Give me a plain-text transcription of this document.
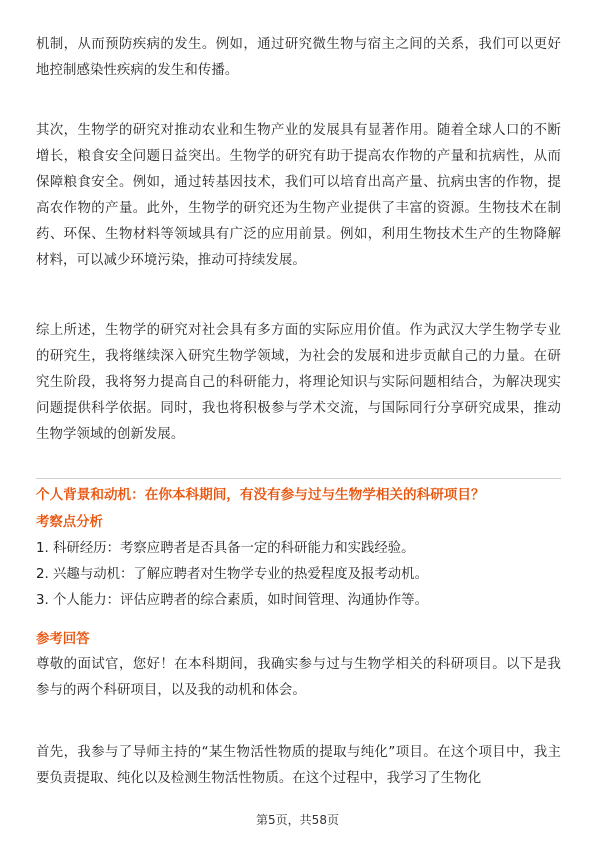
机制，从而预防疾病的发生。例如，通过研究微生物与宿主之间的关系，我们可以更好地控制感染性疾病的发生和传播。

其次，生物学的研究对推动农业和生物产业的发展具有显著作用。随着全球人口的不断增长，粮食安全问题日益突出。生物学的研究有助于提高农作物的产量和抗病性，从而保障粮食安全。例如，通过转基因技术，我们可以培育出高产量、抗病虫害的作物，提高农作物的产量。此外，生物学的研究还为生物产业提供了丰富的资源。生物技术在制药、环保、生物材料等领域具有广泛的应用前景。例如，利用生物技术生产的生物降解材料，可以减少环境污染，推动可持续发展。

综上所述，生物学的研究对社会具有多方面的实际应用价值。作为武汉大学生物学专业的研究生，我将继续深入研究生物学领域，为社会的发展和进步贡献自己的力量。在研究生阶段，我将努力提高自己的科研能力，将理论知识与实际问题相结合，为解决现实问题提供科学依据。同时，我也将积极参与学术交流，与国际同行分享研究成果，推动生物学领域的创新发展。

个人背景和动机：在你本科期间，有没有参与过与生物学相关的科研项目？
考察点分析
1. 科研经历：考察应聘者是否具备一定的科研能力和实践经验。
2. 兴趣与动机：了解应聘者对生物学专业的热爱程度及报考动机。
3. 个人能力：评估应聘者的综合素质，如时间管理、沟通协作等。
参考回答

尊敬的面试官，您好！在本科期间，我确实参与过与生物学相关的科研项目。以下是我参与的两个科研项目，以及我的动机和体会。

首先，我参与了导师主持的“某生物活性物质的提取与纯化”项目。在这个项目中，我主要负责提取、纯化以及检测生物活性物质。在这个过程中，我学习了生物化

第5页，共58页
